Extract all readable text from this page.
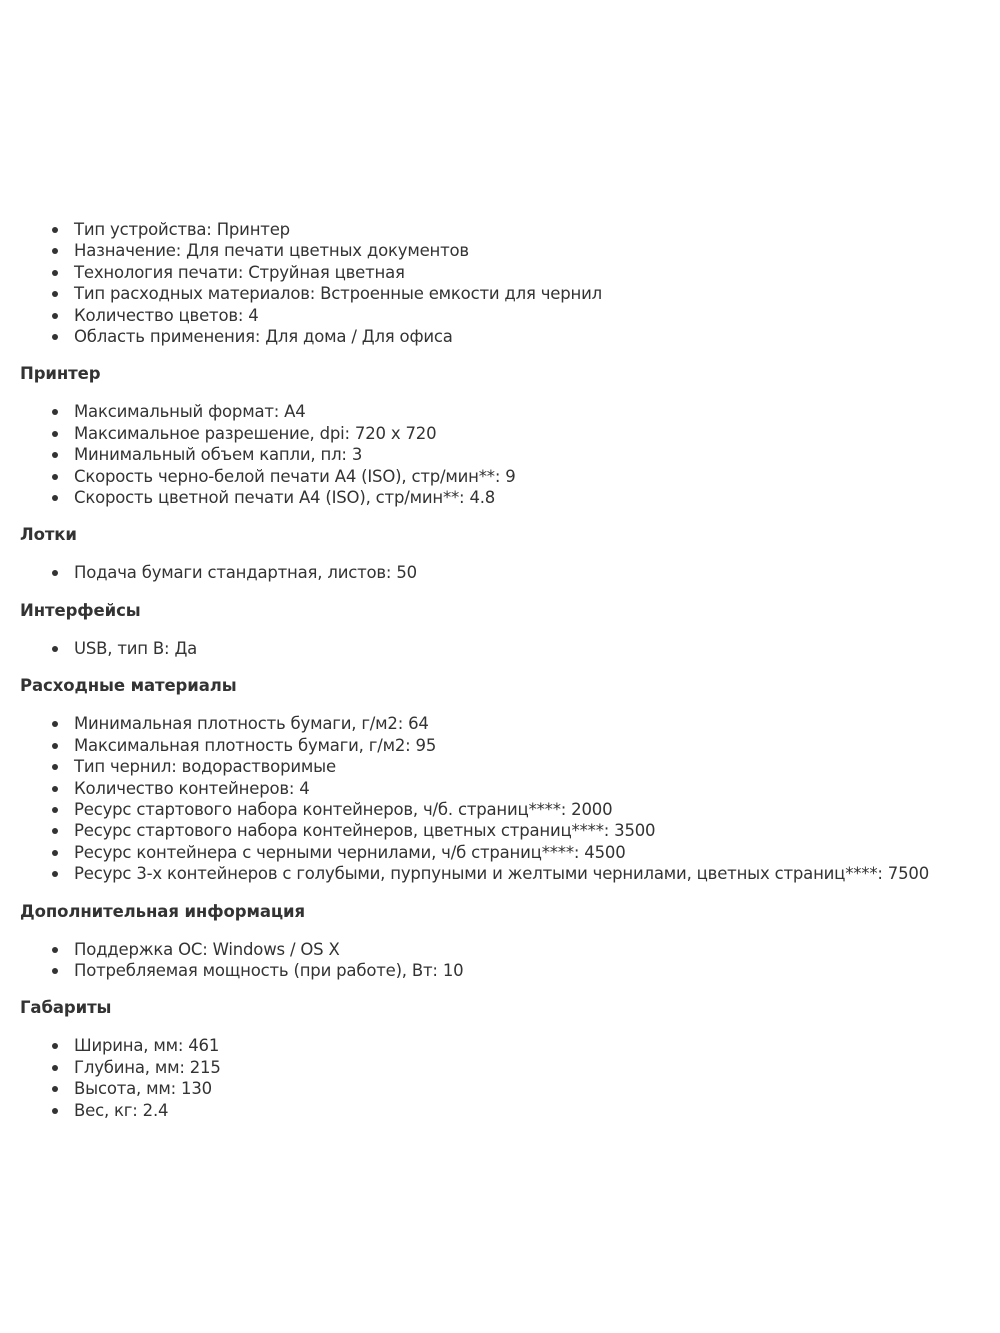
Тип устройства: Принтер
Назначение: Для печати цветных документов
Технология печати: Струйная цветная
Тип расходных материалов: Встроенные емкости для чернил
Количество цветов: 4
Область применения: Для дома / Для офиса
Принтер
Максимальный формат: A4
Максимальное разрешение, dpi: 720 x 720
Минимальный объем капли, пл: 3
Скорость черно-белой печати A4 (ISO), стр/мин**: 9
Скорость цветной печати A4 (ISO), стр/мин**: 4.8
Лотки
Подача бумаги стандартная, листов: 50
Интерфейсы
USB, тип B: Да
Расходные материалы
Минимальная плотность бумаги, г/м2: 64
Максимальная плотность бумаги, г/м2: 95
Тип чернил: водорастворимые
Количество контейнеров: 4
Ресурс стартового набора контейнеров, ч/б. страниц****: 2000
Ресурс стартового набора контейнеров, цветных страниц****: 3500
Ресурс контейнера с черными чернилами, ч/б страниц****: 4500
Ресурс 3-х контейнеров с голубыми, пурпуными и желтыми чернилами, цветных страниц****: 7500
Дополнительная информация
Поддержка ОС: Windows / OS X
Потребляемая мощность (при работе), Вт: 10
Габариты
Ширина, мм: 461
Глубина, мм: 215
Высота, мм: 130
Вес, кг: 2.4
